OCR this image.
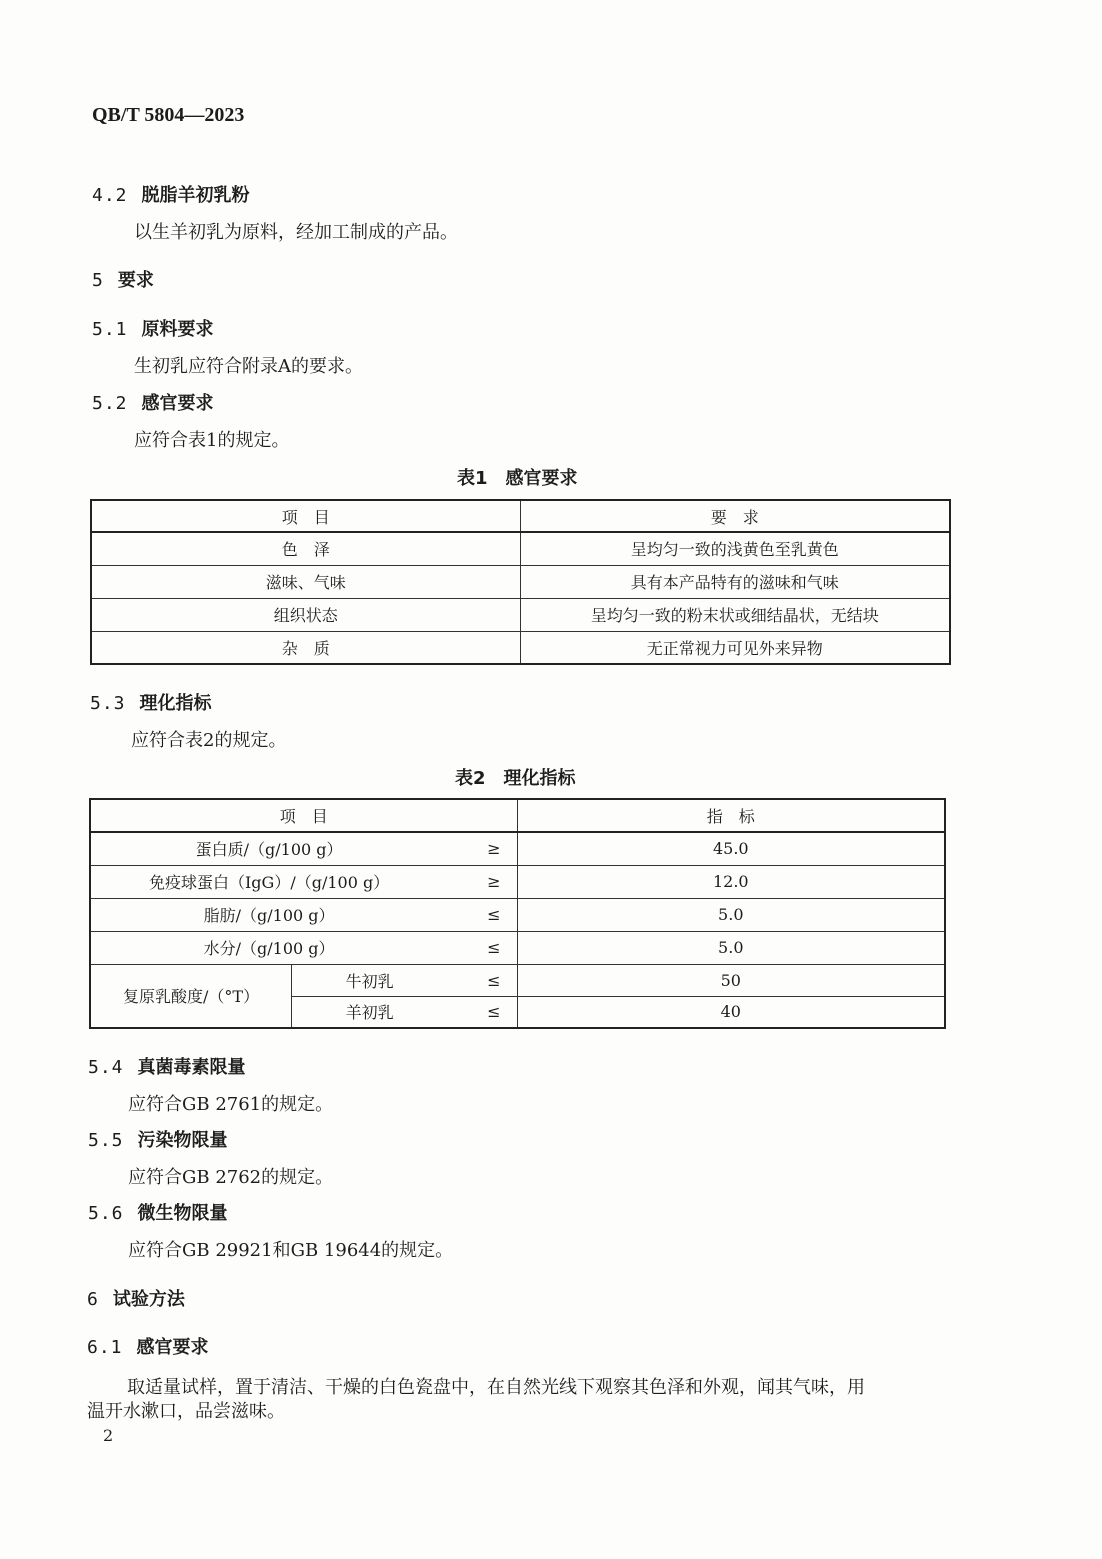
QB/T 5804—2023
4.2 脱脂羊初乳粉
以生羊初乳为原料，经加工制成的产品。
5 要求
5.1 原料要求
生初乳应符合附录A的要求。
5.2 感官要求
应符合表1的规定。
表1　感官要求
项　目	要　求
色　泽	呈均匀一致的浅黄色至乳黄色
滋味、气味	具有本产品特有的滋味和气味
组织状态	呈均匀一致的粉末状或细结晶状，无结块
杂　质	无正常视力可见外来异物
5.3 理化指标
应符合表2的规定。
表2　理化指标
项　目			指　标
蛋白质/（g/100 g）		≥	45.0
免疫球蛋白（IgG）/（g/100 g）		≥	12.0
脂肪/（g/100 g）		≤	5.0
水分/（g/100 g）		≤	5.0
复原乳酸度/（°T）	牛初乳	≤	50
	羊初乳	≤	40
5.4 真菌毒素限量
应符合GB 2761的规定。
5.5 污染物限量
应符合GB 2762的规定。
5.6 微生物限量
应符合GB 29921和GB 19644的规定。
6 试验方法
6.1 感官要求
取适量试样，置于清洁、干燥的白色瓷盘中，在自然光线下观察其色泽和外观，闻其气味，用
温开水漱口，品尝滋味。
2
